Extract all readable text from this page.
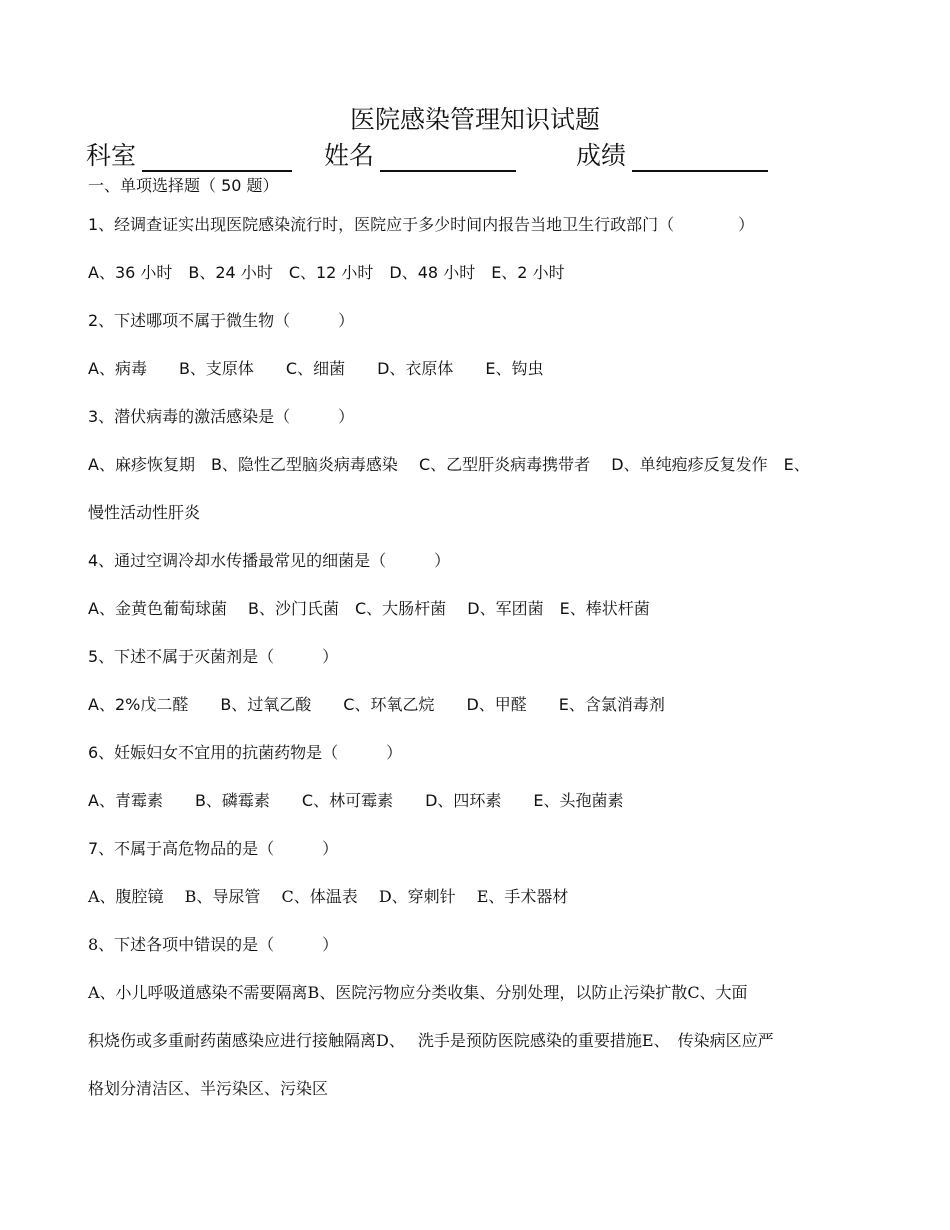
医院感染管理知识试题
科室	姓名	成绩
一、单项选择题（ 50 题）
1、经调查证实出现医院感染流行时，医院应于多少时间内报告当地卫生行政部门（　　　　）
A、36 小时　B、24 小时　C、12 小时　D、48 小时　E、2 小时
2、下述哪项不属于微生物（　　　）
A、病毒　　B、支原体　　C、细菌　　D、衣原体　　E、钩虫
3、潜伏病毒的激活感染是（　　　）
A、麻疹恢复期　B、隐性乙型脑炎病毒感染　 C、乙型肝炎病毒携带者　 D、单纯疱疹反复发作　E、
慢性活动性肝炎
4、通过空调冷却水传播最常见的细菌是（　　　）
A、金黄色葡萄球菌　 B、沙门氏菌　C、大肠杆菌　 D、军团菌　E、棒状杆菌
5、下述不属于灭菌剂是（　　　）
A、2%戊二醛　　B、过氧乙酸　　C、环氧乙烷　　D、甲醛　　E、含氯消毒剂
6、妊娠妇女不宜用的抗菌药物是（　　　）
A、青霉素　　B、磷霉素　　C、林可霉素　　D、四环素　　E、头孢菌素
7、不属于高危物品的是（　　　）
A、腹腔镜　 B、导尿管　 C、体温表　 D、穿刺针　 E、手术器材
8、下述各项中错误的是（　　　）
A、小儿呼吸道感染不需要隔离B、医院污物应分类收集、分别处理，以防止污染扩散C、大面
积烧伤或多重耐药菌感染应进行接触隔离D、　 洗手是预防医院感染的重要措施E、　传染病区应严
格划分清洁区、半污染区、污染区
